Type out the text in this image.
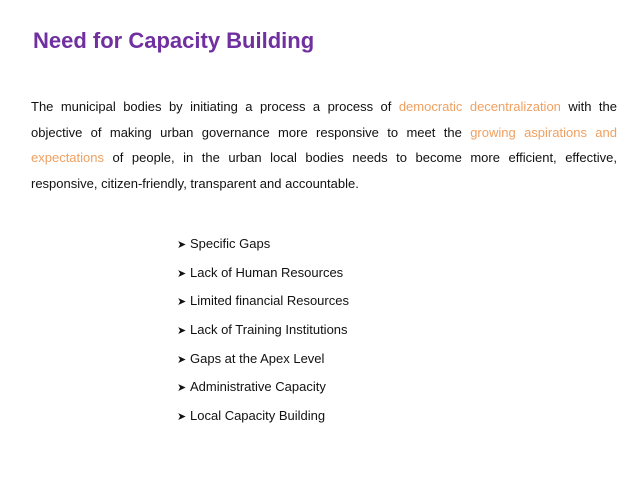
Need for Capacity Building
The municipal bodies by initiating a process a process of democratic decentralization with the objective of making urban governance more responsive to meet the growing aspirations and expectations of people, in the urban local bodies needs to become more efficient, effective, responsive, citizen-friendly, transparent and accountable.
➤ Specific Gaps
➤ Lack of Human Resources
➤ Limited financial Resources
➤ Lack of Training Institutions
➤ Gaps at the Apex Level
➤ Administrative Capacity
➤ Local Capacity Building
